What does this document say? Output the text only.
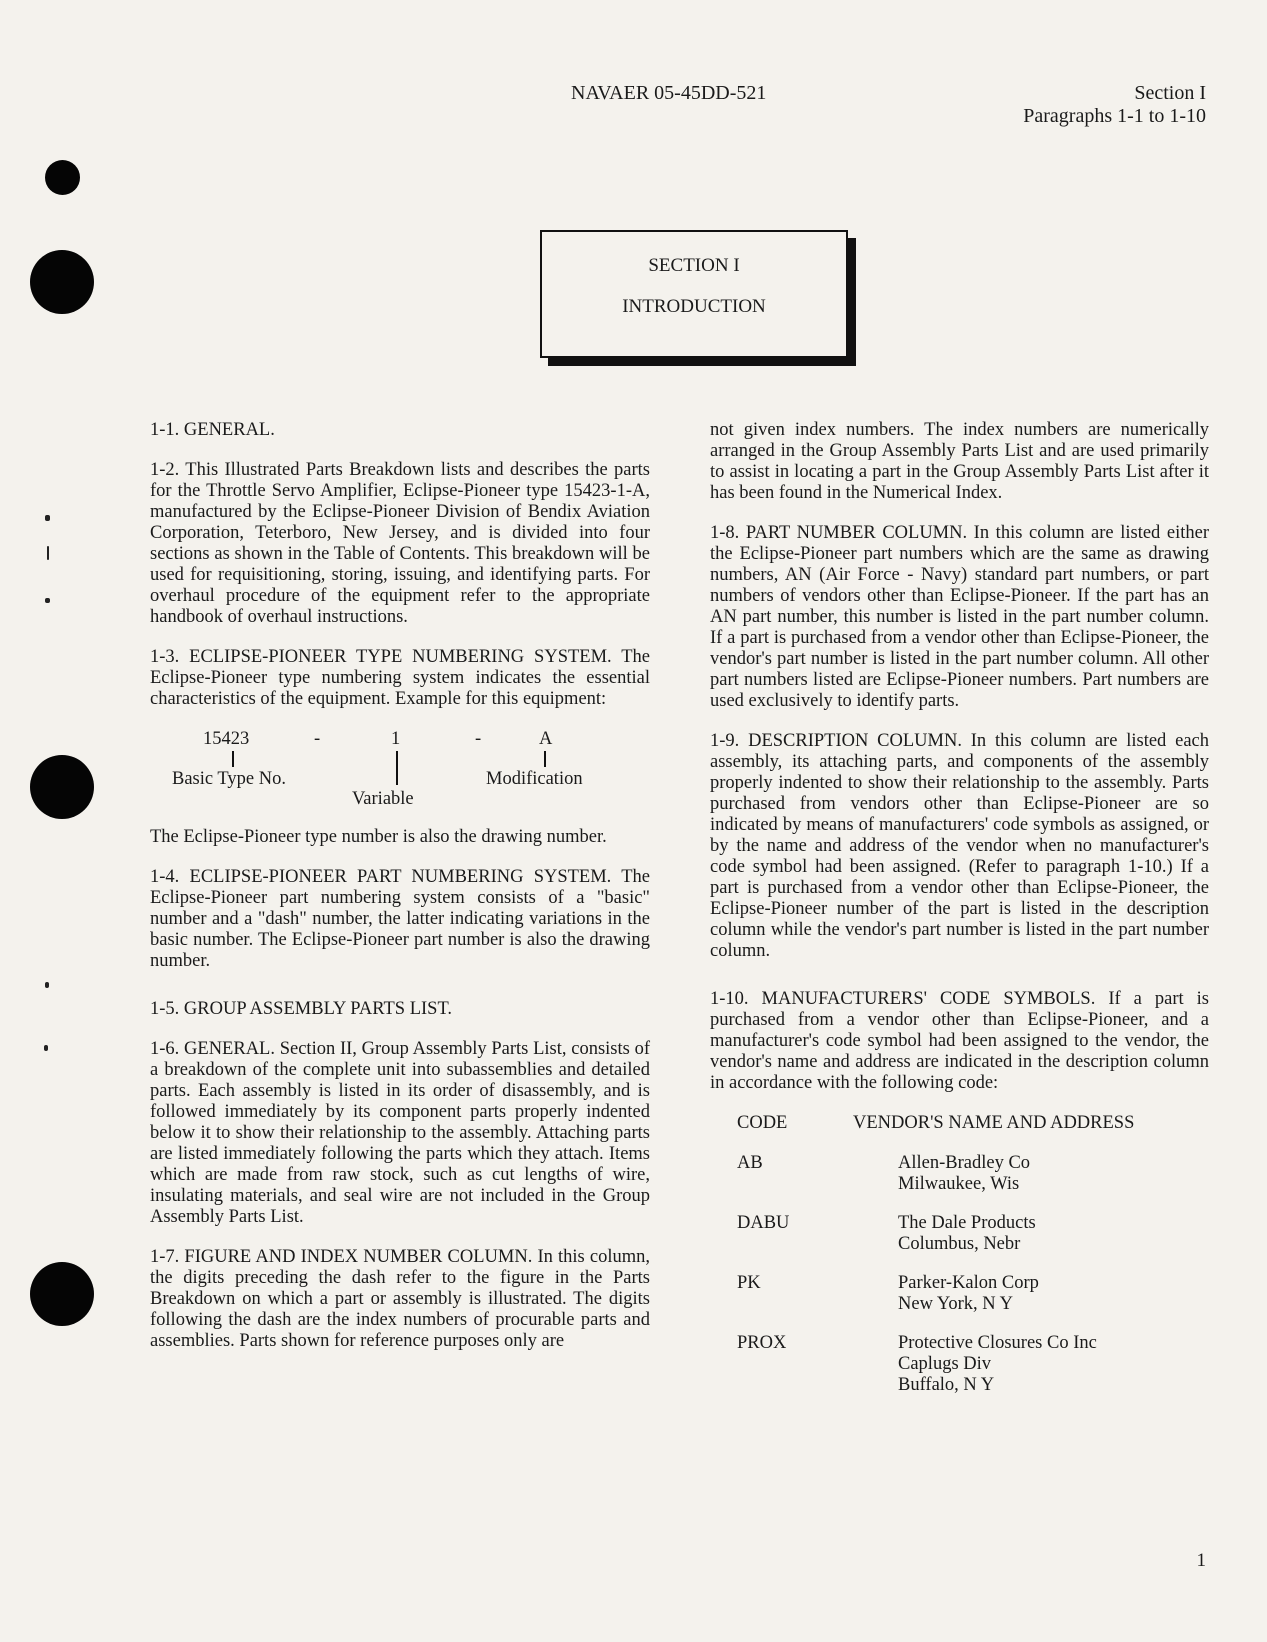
NAVAER 05-45DD-521	Section I
Paragraphs 1-1 to 1-10
SECTION I
INTRODUCTION

1-1. GENERAL.

1-2. This Illustrated Parts Breakdown lists and describes the parts for the Throttle Servo Amplifier, Eclipse-Pioneer type 15423-1-A, manufactured by the Eclipse-Pioneer Division of Bendix Aviation Corporation, Teterboro, New Jersey, and is divided into four sections as shown in the Table of Contents. This breakdown will be used for requisitioning, storing, issuing, and identifying parts. For overhaul procedure of the equipment refer to the appropriate handbook of overhaul instructions.

1-3. ECLIPSE-PIONEER TYPE NUMBERING SYSTEM. The Eclipse-Pioneer type numbering system indicates the essential characteristics of the equipment. Example for this equipment:

15423	-	1	-	A
Basic Type No.
Variable
Modification

The Eclipse-Pioneer type number is also the drawing number.

1-4. ECLIPSE-PIONEER PART NUMBERING SYSTEM. The Eclipse-Pioneer part numbering system consists of a "basic" number and a "dash" number, the latter indicating variations in the basic number. The Eclipse-Pioneer part number is also the drawing number.

1-5. GROUP ASSEMBLY PARTS LIST.

1-6. GENERAL. Section II, Group Assembly Parts List, consists of a breakdown of the complete unit into subassemblies and detailed parts. Each assembly is listed in its order of disassembly, and is followed immediately by its component parts properly indented below it to show their relationship to the assembly. Attaching parts are listed immediately following the parts which they attach. Items which are made from raw stock, such as cut lengths of wire, insulating materials, and seal wire are not included in the Group Assembly Parts List.

1-7. FIGURE AND INDEX NUMBER COLUMN. In this column, the digits preceding the dash refer to the figure in the Parts Breakdown on which a part or assembly is illustrated. The digits following the dash are the index numbers of procurable parts and assemblies. Parts shown for reference purposes only are

not given index numbers. The index numbers are numerically arranged in the Group Assembly Parts List and are used primarily to assist in locating a part in the Group Assembly Parts List after it has been found in the Numerical Index.

1-8. PART NUMBER COLUMN. In this column are listed either the Eclipse-Pioneer part numbers which are the same as drawing numbers, AN (Air Force - Navy) standard part numbers, or part numbers of vendors other than Eclipse-Pioneer. If the part has an AN part number, this number is listed in the part number column. If a part is purchased from a vendor other than Eclipse-Pioneer, the vendor's part number is listed in the part number column. All other part numbers listed are Eclipse-Pioneer numbers. Part numbers are used exclusively to identify parts.

1-9. DESCRIPTION COLUMN. In this column are listed each assembly, its attaching parts, and components of the assembly properly indented to show their relationship to the assembly. Parts purchased from vendors other than Eclipse-Pioneer are so indicated by means of manufacturers' code symbols as assigned, or by the name and address of the vendor when no manufacturer's code symbol had been assigned. (Refer to paragraph 1-10.) If a part is purchased from a vendor other than Eclipse-Pioneer, the Eclipse-Pioneer number of the part is listed in the description column while the vendor's part number is listed in the part number column.

1-10. MANUFACTURERS' CODE SYMBOLS. If a part is purchased from a vendor other than Eclipse-Pioneer, and a manufacturer's code symbol had been assigned to the vendor, the vendor's name and address are indicated in the description column in accordance with the following code:

CODE	VENDOR'S NAME AND ADDRESS
AB	Allen-Bradley Co
Milwaukee, Wis
DABU	The Dale Products
Columbus, Nebr
PK	Parker-Kalon Corp
New York, N Y
PROX	Protective Closures Co Inc
Caplugs Div
Buffalo, N Y
1
